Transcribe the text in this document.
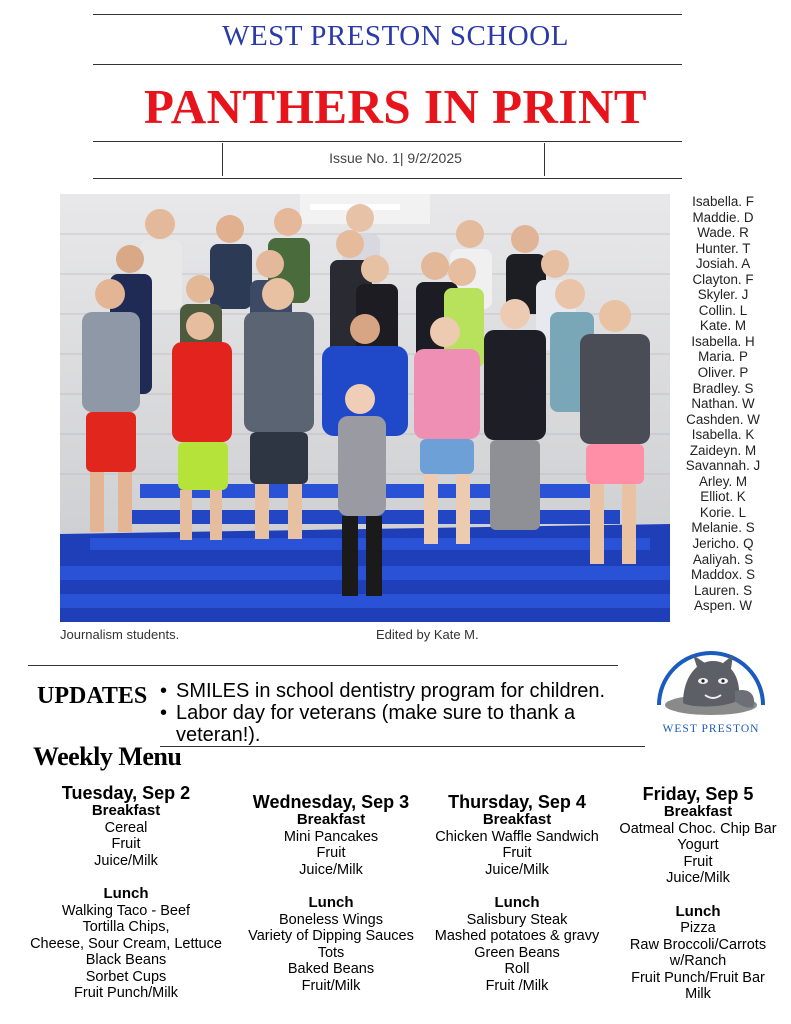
WEST PRESTON SCHOOL
PANTHERS IN PRINT
Issue No. 1| 9/2/2025
Isabella. F
Maddie. D
Wade. R
Hunter. T
Josiah. A
Clayton. F
Skyler. J
Collin. L
Kate. M
Isabella. H
Maria. P
Oliver. P
Bradley. S
Nathan. W
Cashden. W
Isabella. K
Zaideyn. M
Savannah. J
Arley. M
Elliot. K
Korie. L
Melanie. S
Jericho. Q
Aaliyah. S
Maddox. S
Lauren. S
Aspen. W
Journalism students.	Edited by Kate M.
UPDATES
•	SMILES in school dentistry program for children.
• Labor day for veterans (make sure to thank a veteran!).	WEST PRESTON
Weekly Menu
Tuesday, Sep 2
Breakfast
Cereal
Fruit
Juice/Milk
Lunch
Walking Taco - Beef
Tortilla Chips,
Cheese, Sour Cream, Lettuce
Black Beans
Sorbet Cups
Fruit Punch/Milk
Wednesday, Sep 3
Breakfast
Mini Pancakes
Fruit
Juice/Milk
Lunch
Boneless Wings
Variety of Dipping Sauces
Tots
Baked Beans
Fruit/Milk
Thursday, Sep 4
Breakfast
Chicken Waffle Sandwich
Fruit
Juice/Milk
Lunch
Salisbury Steak
Mashed potatoes & gravy
Green Beans
Roll
Fruit /Milk
Friday, Sep 5
Breakfast
Oatmeal Choc. Chip Bar
Yogurt
Fruit
Juice/Milk
Lunch
Pizza
Raw Broccoli/Carrots
w/Ranch
Fruit Punch/Fruit Bar
Milk
